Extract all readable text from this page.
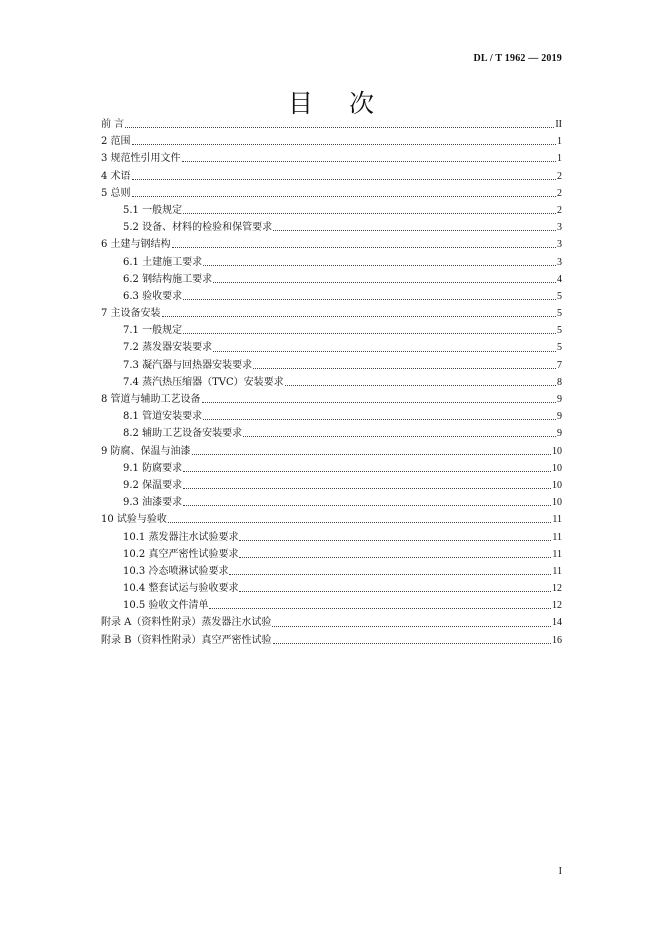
DL / T 1962 — 2019
目 次
前 言	II
2 范围	1
3 规范性引用文件	1
4 术语	2
5 总则	2
5.1 一般规定	2
5.2 设备、材料的检验和保管要求	3
6 土建与钢结构	3
6.1 土建施工要求	3
6.2 钢结构施工要求	4
6.3 验收要求	5
7 主设备安装	5
7.1 一般规定	5
7.2 蒸发器安装要求	5
7.3 凝汽器与回热器安装要求	7
7.4 蒸汽热压缩器（TVC）安装要求	8
8 管道与辅助工艺设备	9
8.1 管道安装要求	9
8.2 辅助工艺设备安装要求	9
9 防腐、保温与油漆	10
9.1 防腐要求	10
9.2 保温要求	10
9.3 油漆要求	10
10 试验与验收	11
10.1 蒸发器注水试验要求	11
10.2 真空严密性试验要求	11
10.3 冷态喷淋试验要求	11
10.4 整套试运与验收要求	12
10.5 验收文件清单	12
附录 A（资料性附录）蒸发器注水试验	14
附录 B（资料性附录）真空严密性试验	16
I
